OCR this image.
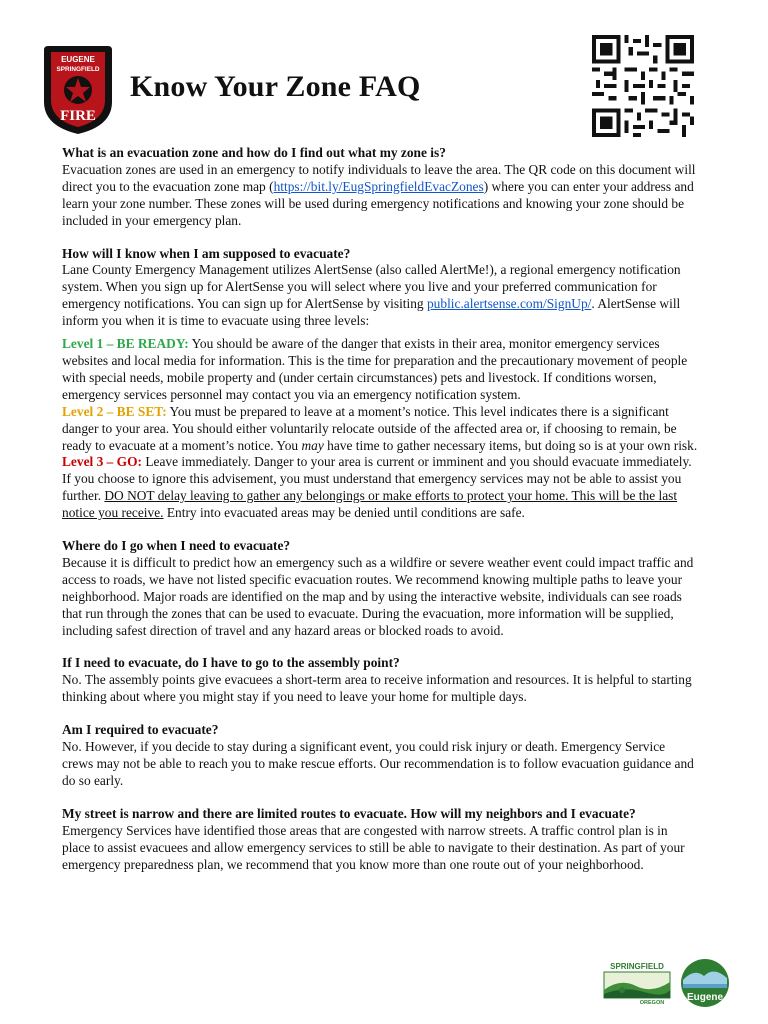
EUGENE
SPRINGFIELD
FIRE
Know Your Zone FAQ
What is an evacuation zone and how do I find out what my zone is?
Evacuation zones are used in an emergency to notify individuals to leave the area. The QR code on this document will direct you to the evacuation zone map (https://bit.ly/EugSpringfieldEvacZones) where you can enter your address and learn your zone number. These zones will be used during emergency notifications and knowing your zone should be included in your emergency plan.
How will I know when I am supposed to evacuate?
Lane County Emergency Management utilizes AlertSense (also called AlertMe!), a regional emergency notification system. When you sign up for AlertSense you will select where you live and your preferred communication for emergency notifications. You can sign up for AlertSense by visiting public.alertsense.com/SignUp/. AlertSense will inform you when it is time to evacuate using three levels:
Level 1 – BE READY: You should be aware of the danger that exists in their area, monitor emergency services websites and local media for information. This is the time for preparation and the precautionary movement of people with special needs, mobile property and (under certain circumstances) pets and livestock. If conditions worsen, emergency services personnel may contact you via an emergency notification system.
Level 2 – BE SET: You must be prepared to leave at a moment’s notice. This level indicates there is a significant danger to your area. You should either voluntarily relocate outside of the affected area or, if choosing to remain, be ready to evacuate at a moment’s notice. You may have time to gather necessary items, but doing so is at your own risk.
Level 3 – GO: Leave immediately. Danger to your area is current or imminent and you should evacuate immediately. If you choose to ignore this advisement, you must understand that emergency services may not be able to assist you further. DO NOT delay leaving to gather any belongings or make efforts to protect your home. This will be the last notice you receive. Entry into evacuated areas may be denied until conditions are safe.
Where do I go when I need to evacuate?
Because it is difficult to predict how an emergency such as a wildfire or severe weather event could impact traffic and access to roads, we have not listed specific evacuation routes. We recommend knowing multiple paths to leave your neighborhood. Major roads are identified on the map and by using the interactive website, individuals can see roads that run through the zones that can be used to evacuate. During the evacuation, more information will be supplied, including safest direction of travel and any hazard areas or blocked roads to avoid.
If I need to evacuate, do I have to go to the assembly point?
No. The assembly points give evacuees a short-term area to receive information and resources. It is helpful to starting thinking about where you might stay if you need to leave your home for multiple days.
Am I required to evacuate?
No. However, if you decide to stay during a significant event, you could risk injury or death. Emergency Service crews may not be able to reach you to make rescue efforts. Our recommendation is to follow evacuation guidance and do so early.
My street is narrow and there are limited routes to evacuate. How will my neighbors and I evacuate?
Emergency Services have identified those areas that are congested with narrow streets. A traffic control plan is in place to assist evacuees and allow emergency services to still be able to navigate to their destination. As part of your emergency preparedness plan, we recommend that you know more than one route out of your neighborhood.
SPRINGFIELD
OREGON Eugene
